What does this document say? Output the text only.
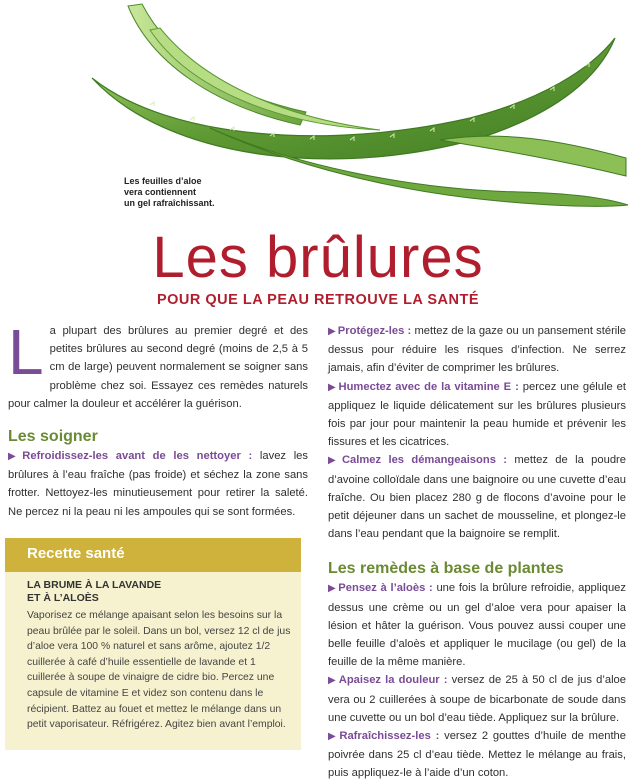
Les feuilles d’aloe
vera contiennent
un gel rafraîchissant.
Les brûlures
POUR QUE LA PEAU RETROUVE LA SANTÉ
La plupart des brûlures au premier degré et des petites brûlures au second degré (moins de 2,5 à 5 cm de large) peuvent normalement se soigner sans problème chez soi. Essayez ces remèdes naturels pour calmer la douleur et accélérer la guérison.
Les soigner

▶ Refroidissez-les avant de les nettoyer : lavez les brûlures à l’eau fraîche (pas froide) et séchez la zone sans frotter. Nettoyez-les minutieusement pour retirer la saleté. Ne percez ni la peau ni les ampoules qui se sont formées.

Recette santé
LA BRUME À LA LAVANDE
ET À L’ALOÈS
Vaporisez ce mélange apaisant selon les besoins sur la peau brûlée par le soleil. Dans un bol, versez 12 cl de jus d’aloe vera 100 % naturel et sans arôme, ajoutez 1/2 cuillerée à café d’huile essentielle de lavande et 1 cuillerée à soupe de vinaigre de cidre bio. Percez une capsule de vitamine E et videz son contenu dans le récipient. Battez au fouet et mettez le mélange dans un petit vaporisateur. Réfrigérez. Agitez bien avant l’emploi.

▶ Protégez-les : mettez de la gaze ou un pansement stérile dessus pour réduire les risques d’infection. Ne serrez jamais, afin d’éviter de comprimer les brûlures.

▶ Humectez avec de la vitamine E : percez une gélule et appliquez le liquide délicatement sur les brûlures plusieurs fois par jour pour maintenir la peau humide et prévenir les fissures et les cicatrices.

▶ Calmez les démangeaisons : mettez de la poudre d’avoine colloïdale dans une baignoire ou une cuvette d’eau fraîche. Ou bien placez 280 g de flocons d’avoine pour le petit déjeuner dans un sachet de mousseline, et plongez-le dans l’eau pendant que la baignoire se remplit.

Les remèdes à base de plantes

▶ Pensez à l’aloès : une fois la brûlure refroidie, appliquez dessus une crème ou un gel d’aloe vera pour apaiser la lésion et hâter la guérison. Vous pouvez aussi couper une belle feuille d’aloès et appliquer le mucilage (ou gel) de la feuille de la même manière.

▶ Apaisez la douleur : versez de 25 à 50 cl de jus d’aloe vera ou 2 cuillerées à soupe de bicarbonate de soude dans une cuvette ou un bol d’eau tiède. Appliquez sur la brûlure.

▶ Rafraîchissez-les : versez 2 gouttes d’huile de menthe poivrée dans 25 cl d’eau tiède. Mettez le mélange au frais, puis appliquez-le à l’aide d’un coton.
